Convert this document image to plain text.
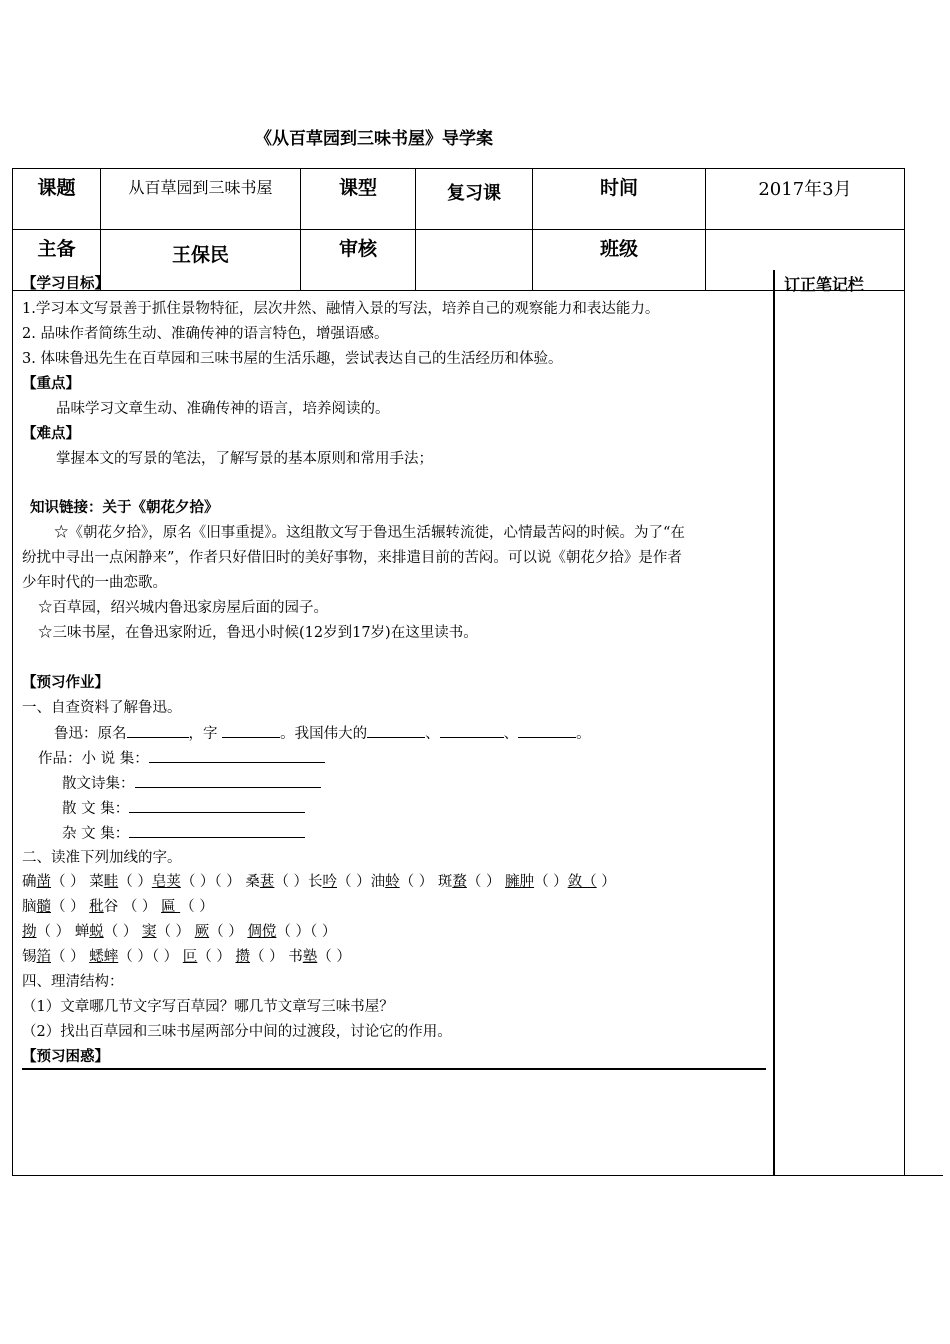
《从百草园到三味书屋》导学案
课题	从百草园到三味书屋	课型	复习课	时间	2017年3月
主备	王保民	审核		班级	
订正笔记栏
【学习目标】
1.学习本文写景善于抓住景物特征，层次井然、融情入景的写法，培养自己的观察能力和表达能力。
2. 品味作者简练生动、准确传神的语言特色，增强语感。
3. 体味鲁迅先生在百草园和三味书屋的生活乐趣，尝试表达自己的生活经历和体验。
【重点】
品味学习文章生动、准确传神的语言，培养阅读的。
【难点】
掌握本文的写景的笔法，了解写景的基本原则和常用手法；
知识链接：关于《朝花夕拾》
☆《朝花夕拾》，原名《旧事重提》。这组散文写于鲁迅生活辗转流徙，心情最苦闷的时候。为了“在
纷扰中寻出一点闲静来”，作者只好借旧时的美好事物，来排遣目前的苦闷。可以说《朝花夕拾》是作者
少年时代的一曲恋歌。
☆百草园，绍兴城内鲁迅家房屋后面的园子。
☆三味书屋，在鲁迅家附近，鲁迅小时候(12岁到17岁)在这里读书。
【预习作业】
一、自查资料了解鲁迅。
鲁迅：原名	，字	。我国伟大的	、	、	。
作品：小 说 集：
散文诗集：
散 文 集：
杂 文 集：
二、读准下列加线的字。
确凿（ ） 菜畦（ ）皂荚（ ）（ ） 桑葚（ ）长吟（ ）油蛉（ ） 斑蝥（ ） 臃肿（ ）敛（ ）
脑髓（ ） 秕谷 （ ） 匾 （ ）
拗（ ） 蝉蜕（ ） 窦（ ） 厥（ ） 倜傥（ ）（ ）
锡箔（ ） 蟋蟀（ ）（ ） 叵（ ） 攒（ ） 书塾（ ）
四、理清结构：
（1）文章哪几节文字写百草园？哪几节文章写三味书屋？
（2）找出百草园和三味书屋两部分中间的过渡段，讨论它的作用。
【预习困惑】
